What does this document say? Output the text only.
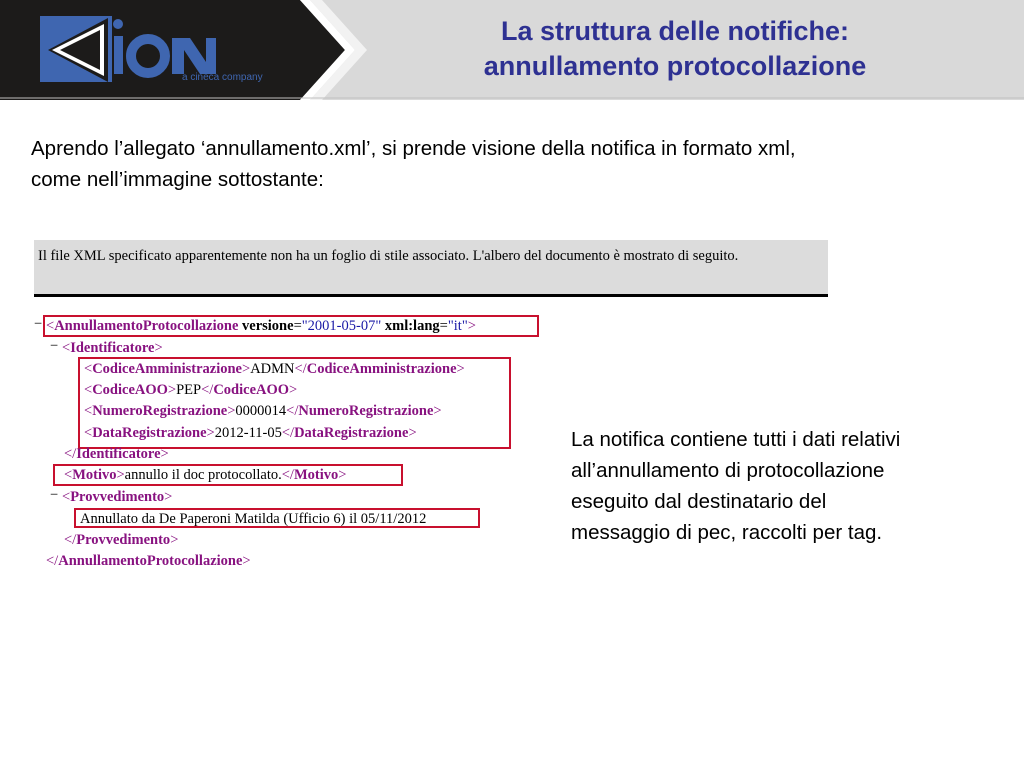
a cineca company
La struttura delle notifiche:
annullamento protocollazione
Aprendo l’allegato ‘annullamento.xml’, si prende visione della notifica in formato xml,
come nell’immagine sottostante:
Il file XML specificato apparentemente non ha un foglio di stile associato. L'albero del documento è mostrato di seguito.
− <AnnullamentoProtocollazione versione="2001-05-07" xml:lang="it">
− <Identificatore>
<CodiceAmministrazione>ADMN</CodiceAmministrazione>
<CodiceAOO>PEP</CodiceAOO>
<NumeroRegistrazione>0000014</NumeroRegistrazione>
<DataRegistrazione>2012-11-05</DataRegistrazione>
</Identificatore>
<Motivo>annullo il doc protocollato.</Motivo>
− <Provvedimento>
Annullato da De Paperoni Matilda (Ufficio 6) il 05/11/2012
</Provvedimento>
</AnnullamentoProtocollazione>
La notifica contiene tutti i dati relativi
all’annullamento di protocollazione
eseguito dal destinatario del
messaggio di pec, raccolti per tag.
